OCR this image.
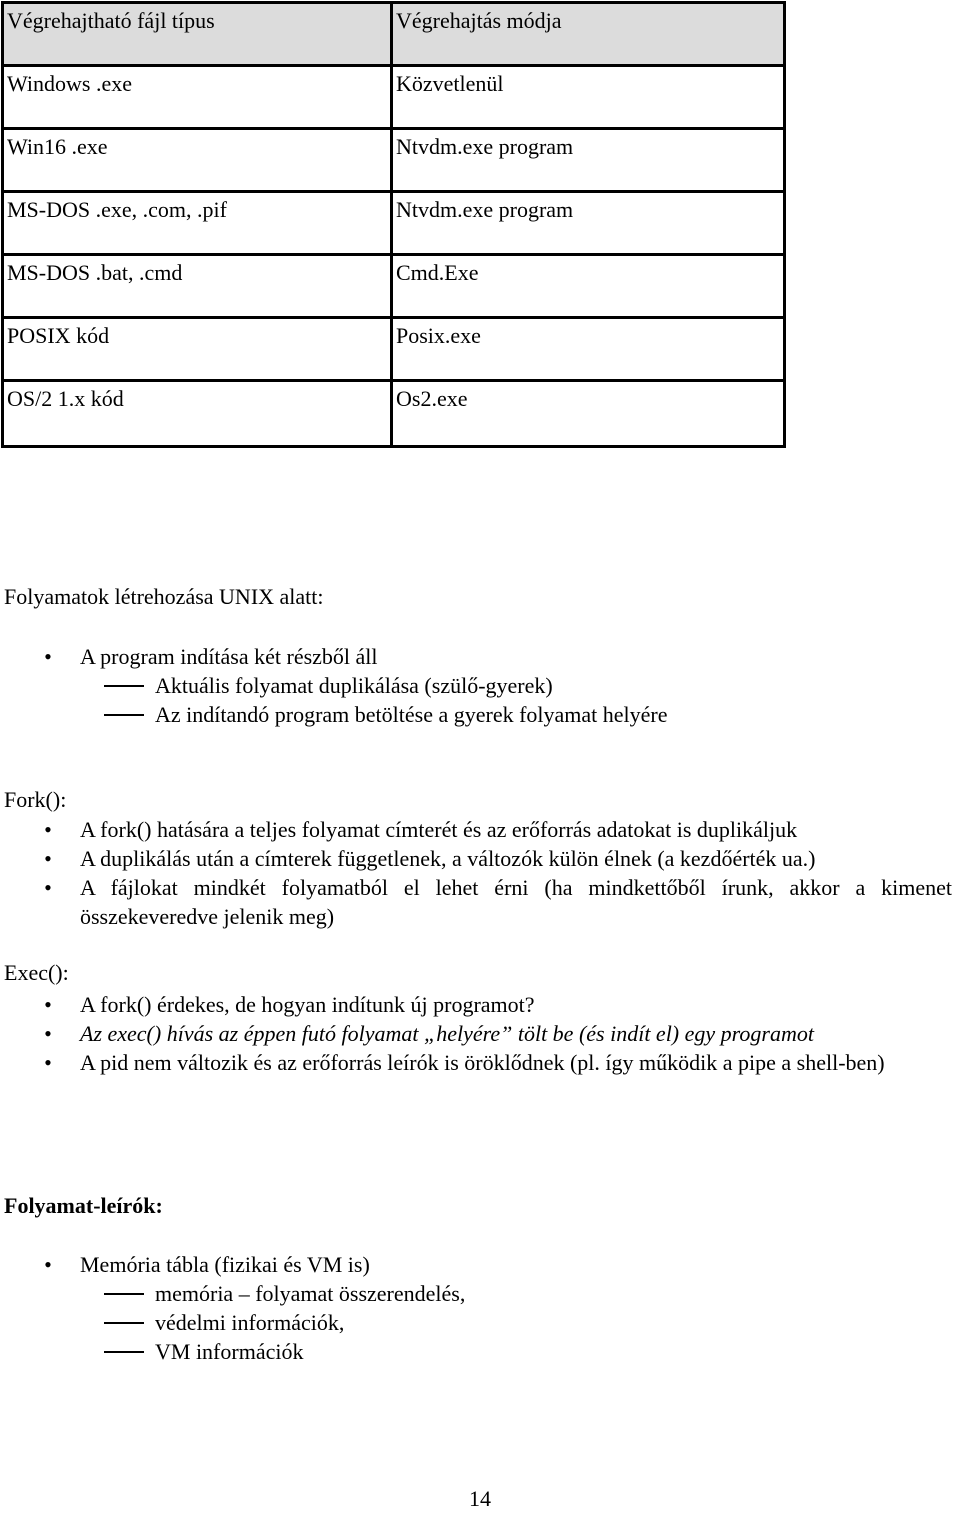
Végrehajtható fájl típus	Végrehajtás módja
Windows .exe	Közvetlenül
Win16 .exe	Ntvdm.exe program
MS-DOS .exe, .com, .pif	Ntvdm.exe program
MS-DOS .bat, .cmd	Cmd.Exe
POSIX kód	Posix.exe
OS/2 1.x kód	Os2.exe
Folyamatok létrehozása UNIX alatt:
• A program indítása két részből áll
Aktuális folyamat duplikálása (szülő-gyerek)
Az indítandó program betöltése a gyerek folyamat helyére
Fork():
• A fork() hatására a teljes folyamat címterét és az erőforrás adatokat is duplikáljuk
• A duplikálás után a címterek függetlenek, a változók külön élnek (a kezdőérték ua.)
• A fájlokat mindkét folyamatból el lehet érni (ha mindkettőből írunk, akkor a kimenet összekeveredve jelenik meg)
Exec():
• A fork() érdekes, de hogyan indítunk új programot?
• Az exec() hívás az éppen futó folyamat „helyére” tölt be (és indít el) egy programot
• A pid nem változik és az erőforrás leírók is öröklődnek (pl. így működik a pipe a shell-ben)
Folyamat-leírók:
• Memória tábla (fizikai és VM is)
memória – folyamat összerendelés,
védelmi információk,
VM információk
14
